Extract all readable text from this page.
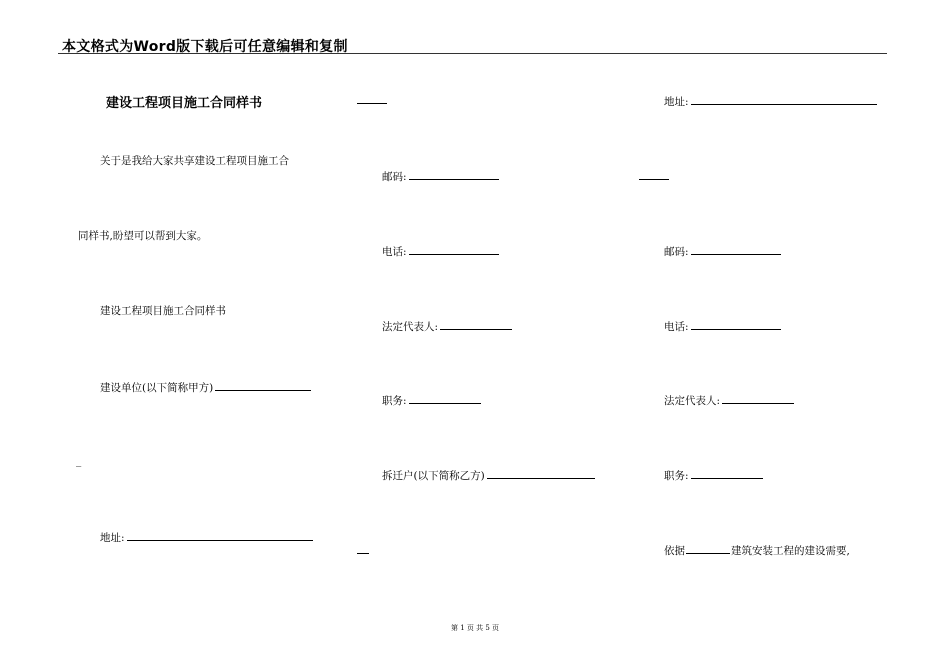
本文格式为Word版下载后可任意编辑和复制
建设工程项目施工合同样书
关于是我给大家共享建设工程项目施工合
同样书,盼望可以帮到大家。
建设工程项目施工合同样书
建设单位(以下简称甲方)
_
地址:
邮码:
电话:
法定代表人:
职务:
拆迁户(以下简称乙方)
地址:
邮码:
电话:
法定代表人:
职务:
依据	建筑安装工程的建设需要,
第 1 页 共 5 页
